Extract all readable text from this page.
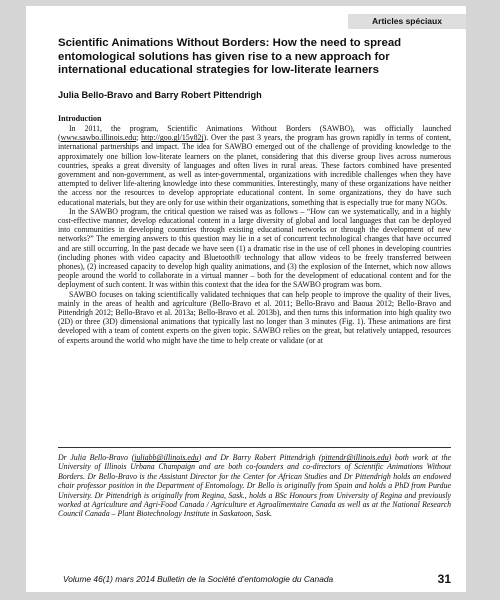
Articles spéciaux
Scientific Animations Without Borders: How the need to spread entomological solutions has given rise to a new approach for international educational strategies for low-literate learners
Julia Bello-Bravo and Barry Robert Pittendrigh
Introduction

In 2011, the program, Scientific Animations Without Borders (SAWBO), was officially launched (www.sawbo.illinois.edu; http://goo.gl/15y82j). Over the past 3 years, the program has grown rapidly in terms of content, international partnerships and impact. The idea for SAWBO emerged out of the challenge of providing knowledge to the approximately one billion low-literate learners on the planet, considering that this diverse group lives across numerous countries, speaks a great diversity of languages and often lives in rural areas. These factors combined have presented government and non-government, as well as inter-governmental, organizations with incredible challenges when they have attempted to deliver life-altering knowledge into these communities. Interestingly, many of these organizations have neither the access nor the resources to develop appropriate educational content. In some organizations, they do have such educational materials, but they are only for use within their organizations, something that is especially true for many NGOs.

In the SAWBO program, the critical question we raised was as follows – “How can we systematically, and in a highly cost-effective manner, develop educational content in a large diversity of global and local languages that can be deployed into communities in developing countries through existing educational networks or through the development of new networks?” The emerging answers to this question may lie in a set of concurrent technological changes that have occurred and are still occurring. In the past decade we have seen (1) a dramatic rise in the use of cell phones in developing countries (including phones with video capacity and Bluetooth® technology that allow videos to be freely transferred between phones), (2) increased capacity to develop high quality animations, and (3) the explosion of the Internet, which now allows people around the world to collaborate in a virtual manner – both for the development of educational content and for the deployment of such content. It was within this context that the idea for the SAWBO program was born.

SAWBO focuses on taking scientifically validated techniques that can help people to improve the quality of their lives, mainly in the areas of health and agriculture (Bello-Bravo et al. 2011; Bello-Bravo and Baoua 2012; Bello-Bravo and Pittendrigh 2012; Bello-Bravo et al. 2013a; Bello-Bravo et al. 2013b), and then turns this information into high quality two (2D) or three (3D) dimensional animations that typically last no longer than 3 minutes (Fig. 1). These animations are first developed with a team of content experts on the given topic. SAWBO relies on the great, but relatively untapped, resources of experts around the world who might have the time to help create or validate (or at

Dr Julia Bello-Bravo (juliabb@illinois.edu) and Dr Barry Robert Pittendrigh (pittendr@illinois.edu) both work at the University of Illinois Urbana Champaign and are both co-founders and co-directors of Scientific Animations Without Borders. Dr Bello-Bravo is the Assistant Director for the Center for African Studies and Dr Pittendrigh holds an endowed chair professor position in the Department of Entomology. Dr Bello is originally from Spain and holds a PhD from Purdue University. Dr Pittendrigh is originally from Regina, Sask., holds a BSc Honours from University of Regina and previously worked at Agriculture and Agri-Food Canada / Agriculture et Agroalimentaire Canada as well as at the National Research Council Canada – Plant Biotechnology Institute in Saskatoon, Sask.

Volume 46(1) mars 2014 Bulletin de la Société d’entomologie du Canada	31
